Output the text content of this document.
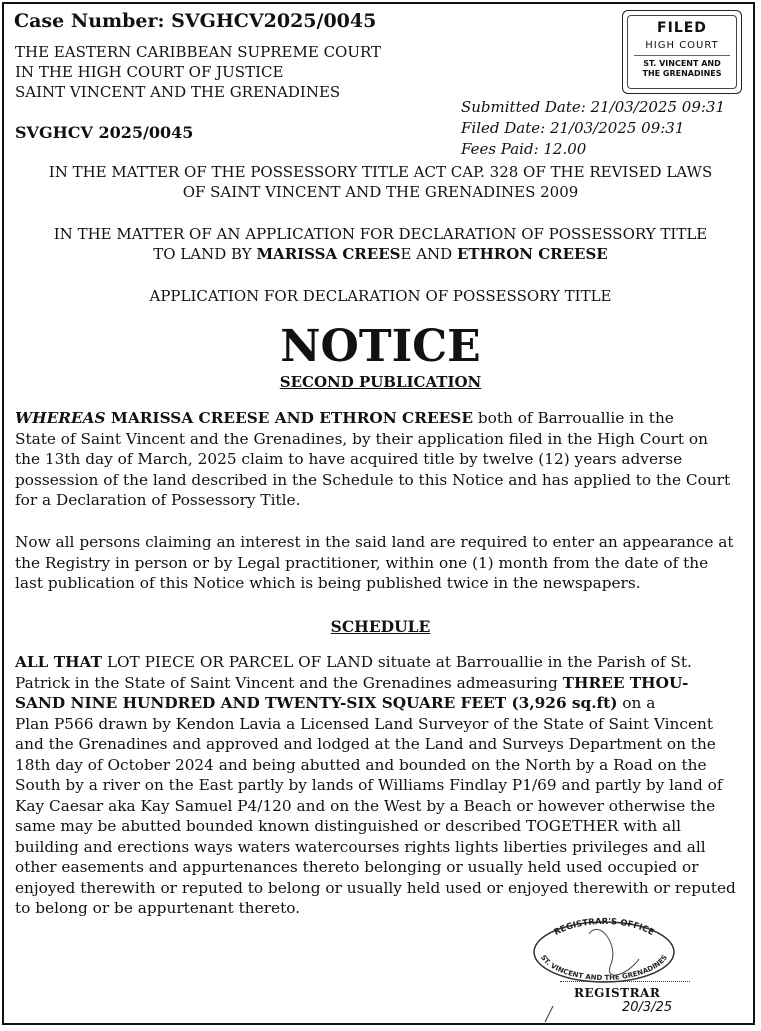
Case Number: SVGHCV2025/0045
THE EASTERN CARIBBEAN SUPREME COURT
IN THE HIGH COURT OF JUSTICE
SAINT VINCENT AND THE GRENADINES
SVGHCV 2025/0045
FILED
HIGH COURT
ST. VINCENT AND
THE GRENADINES
Submitted Date: 21/03/2025 09:31
Filed Date: 21/03/2025 09:31
Fees Paid: 12.00
IN THE MATTER OF THE POSSESSORY TITLE ACT CAP. 328 OF THE REVISED LAWS
OF SAINT VINCENT AND THE GRENADINES 2009
IN THE MATTER OF AN APPLICATION FOR DECLARATION OF POSSESSORY TITLE
TO LAND BY MARISSA CREESE AND ETHRON CREESE
APPLICATION FOR DECLARATION OF POSSESSORY TITLE
NOTICE
SECOND PUBLICATION
WHEREAS MARISSA CREESE AND ETHRON CREESE both of Barrouallie in the
State of Saint Vincent and the Grenadines, by their application filed in the High Court on
the 13th day of March, 2025 claim to have acquired title by twelve (12) years adverse
possession of the land described in the Schedule to this Notice and has applied to the Court
for a Declaration of Possessory Title.
Now all persons claiming an interest in the said land are required to enter an appearance at
the Registry in person or by Legal practitioner, within one (1) month from the date of the
last publication of this Notice which is being published twice in the newspapers.
SCHEDULE
ALL THAT LOT PIECE OR PARCEL OF LAND situate at Barrouallie in the Parish of St.
Patrick in the State of Saint Vincent and the Grenadines admeasuring THREE THOU-
SAND NINE HUNDRED AND TWENTY-SIX SQUARE FEET (3,926 sq.ft) on a
Plan P566 drawn by Kendon Lavia a Licensed Land Surveyor of the State of Saint Vincent
and the Grenadines and approved and lodged at the Land and Surveys Department on the
18th day of October 2024 and being abutted and bounded on the North by a Road on the
South by a river on the East partly by lands of Williams Findlay P1/69 and partly by land of
Kay Caesar aka Kay Samuel P4/120 and on the West by a Beach or however otherwise the
same may be abutted bounded known distinguished or described TOGETHER with all
building and erections ways waters watercourses rights lights liberties privileges and all
other easements and appurtenances thereto belonging or usually held used occupied or
enjoyed therewith or reputed to belong or usually held used or enjoyed therewith or reputed
to belong or be appurtenant thereto.
REGISTRAR'S OFFICE
ST. VINCENT AND THE GRENADINES
REGISTRAR
20/3/25
